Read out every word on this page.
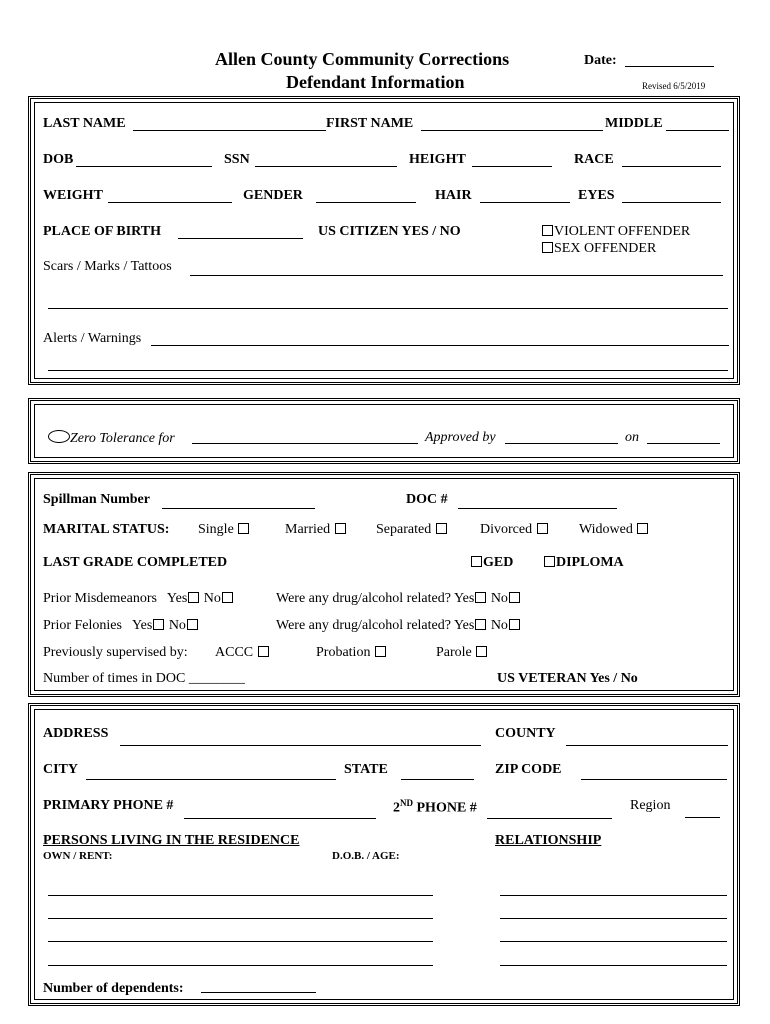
Allen County Community Corrections
Defendant Information
Date:
Revised 6/5/2019
LAST NAME	FIRST NAME	MIDDLE
DOB	SSN	HEIGHT	RACE
WEIGHT	GENDER	HAIR	EYES
PLACE OF BIRTH	US CITIZEN YES / NO	VIOLENT OFFENDER
SEX OFFENDER
Scars / Marks / Tattoos
Alerts / Warnings
Zero Tolerance for	Approved by	on
Spillman Number	DOC #
MARITAL STATUS: Single	Married	Separated	Divorced	Widowed
LAST GRADE COMPLETED	GED	DIPLOMA
Prior Misdemeanors Yes No	Were any drug/alcohol related? Yes No
Prior Felonies Yes No	Were any drug/alcohol related? Yes No
Previously supervised by: ACCC	Probation	Parole
Number of times in DOC ________	US VETERAN Yes / No
ADDRESS	COUNTY
CITY	STATE	ZIP CODE
PRIMARY PHONE #	2ND PHONE #	Region
PERSONS LIVING IN THE RESIDENCE	RELATIONSHIP
OWN / RENT:	D.O.B. / AGE:
Number of dependents:
